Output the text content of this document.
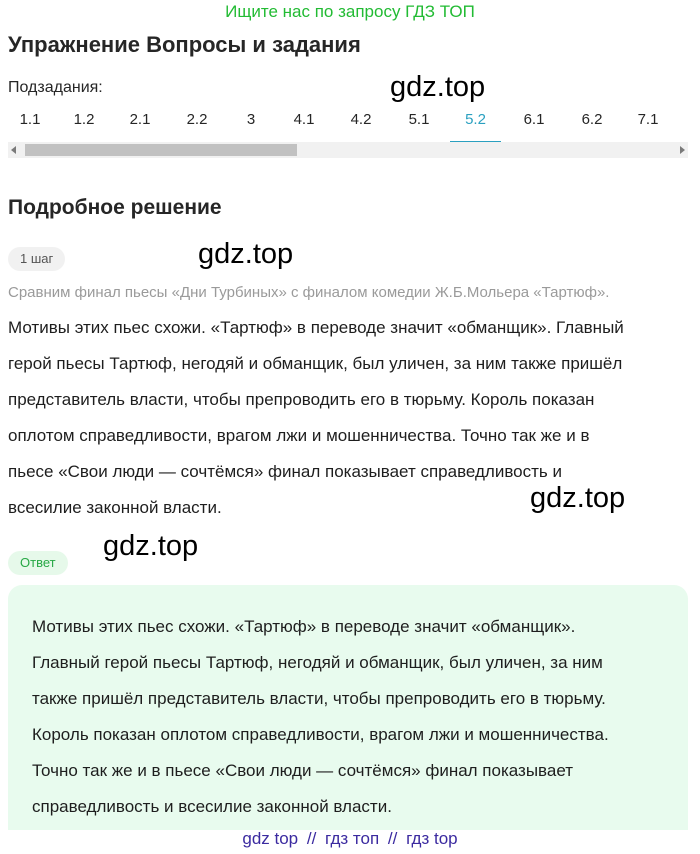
Ищите нас по запросу ГДЗ ТОП
Упражнение Вопросы и задания
Подзадания:	gdz.top
1.1	1.2	2.1	2.2	3	4.1	4.2	5.1	5.2	6.1	6.2	7.1
Подробное решение
gdz.top
1 шаг
Сравним финал пьесы «Дни Турбиных» с финалом комедии Ж.Б.Мольера «Тартюф».
Мотивы этих пьес схожи. «Тартюф» в переводе значит «обманщик». Главный
герой пьесы Тартюф, негодяй и обманщик, был уличен, за ним также пришёл
представитель власти, чтобы препроводить его в тюрьму. Король показан
оплотом справедливости, врагом лжи и мошенничества. Точно так же и в
пьесе «Свои люди — сочтёмся» финал показывает справедливость и
всесилие законной власти.	gdz.top
Ответ
gdz.top
Мотивы этих пьес схожи. «Тартюф» в переводе значит «обманщик».
Главный герой пьесы Тартюф, негодяй и обманщик, был уличен, за ним
также пришёл представитель власти, чтобы препроводить его в тюрьму.
Король показан оплотом справедливости, врагом лжи и мошенничества.
Точно так же и в пьесе «Свои люди — сочтёмся» финал показывает
справедливость и всесилие законной власти.
gdz top // гдз топ // гдз top
